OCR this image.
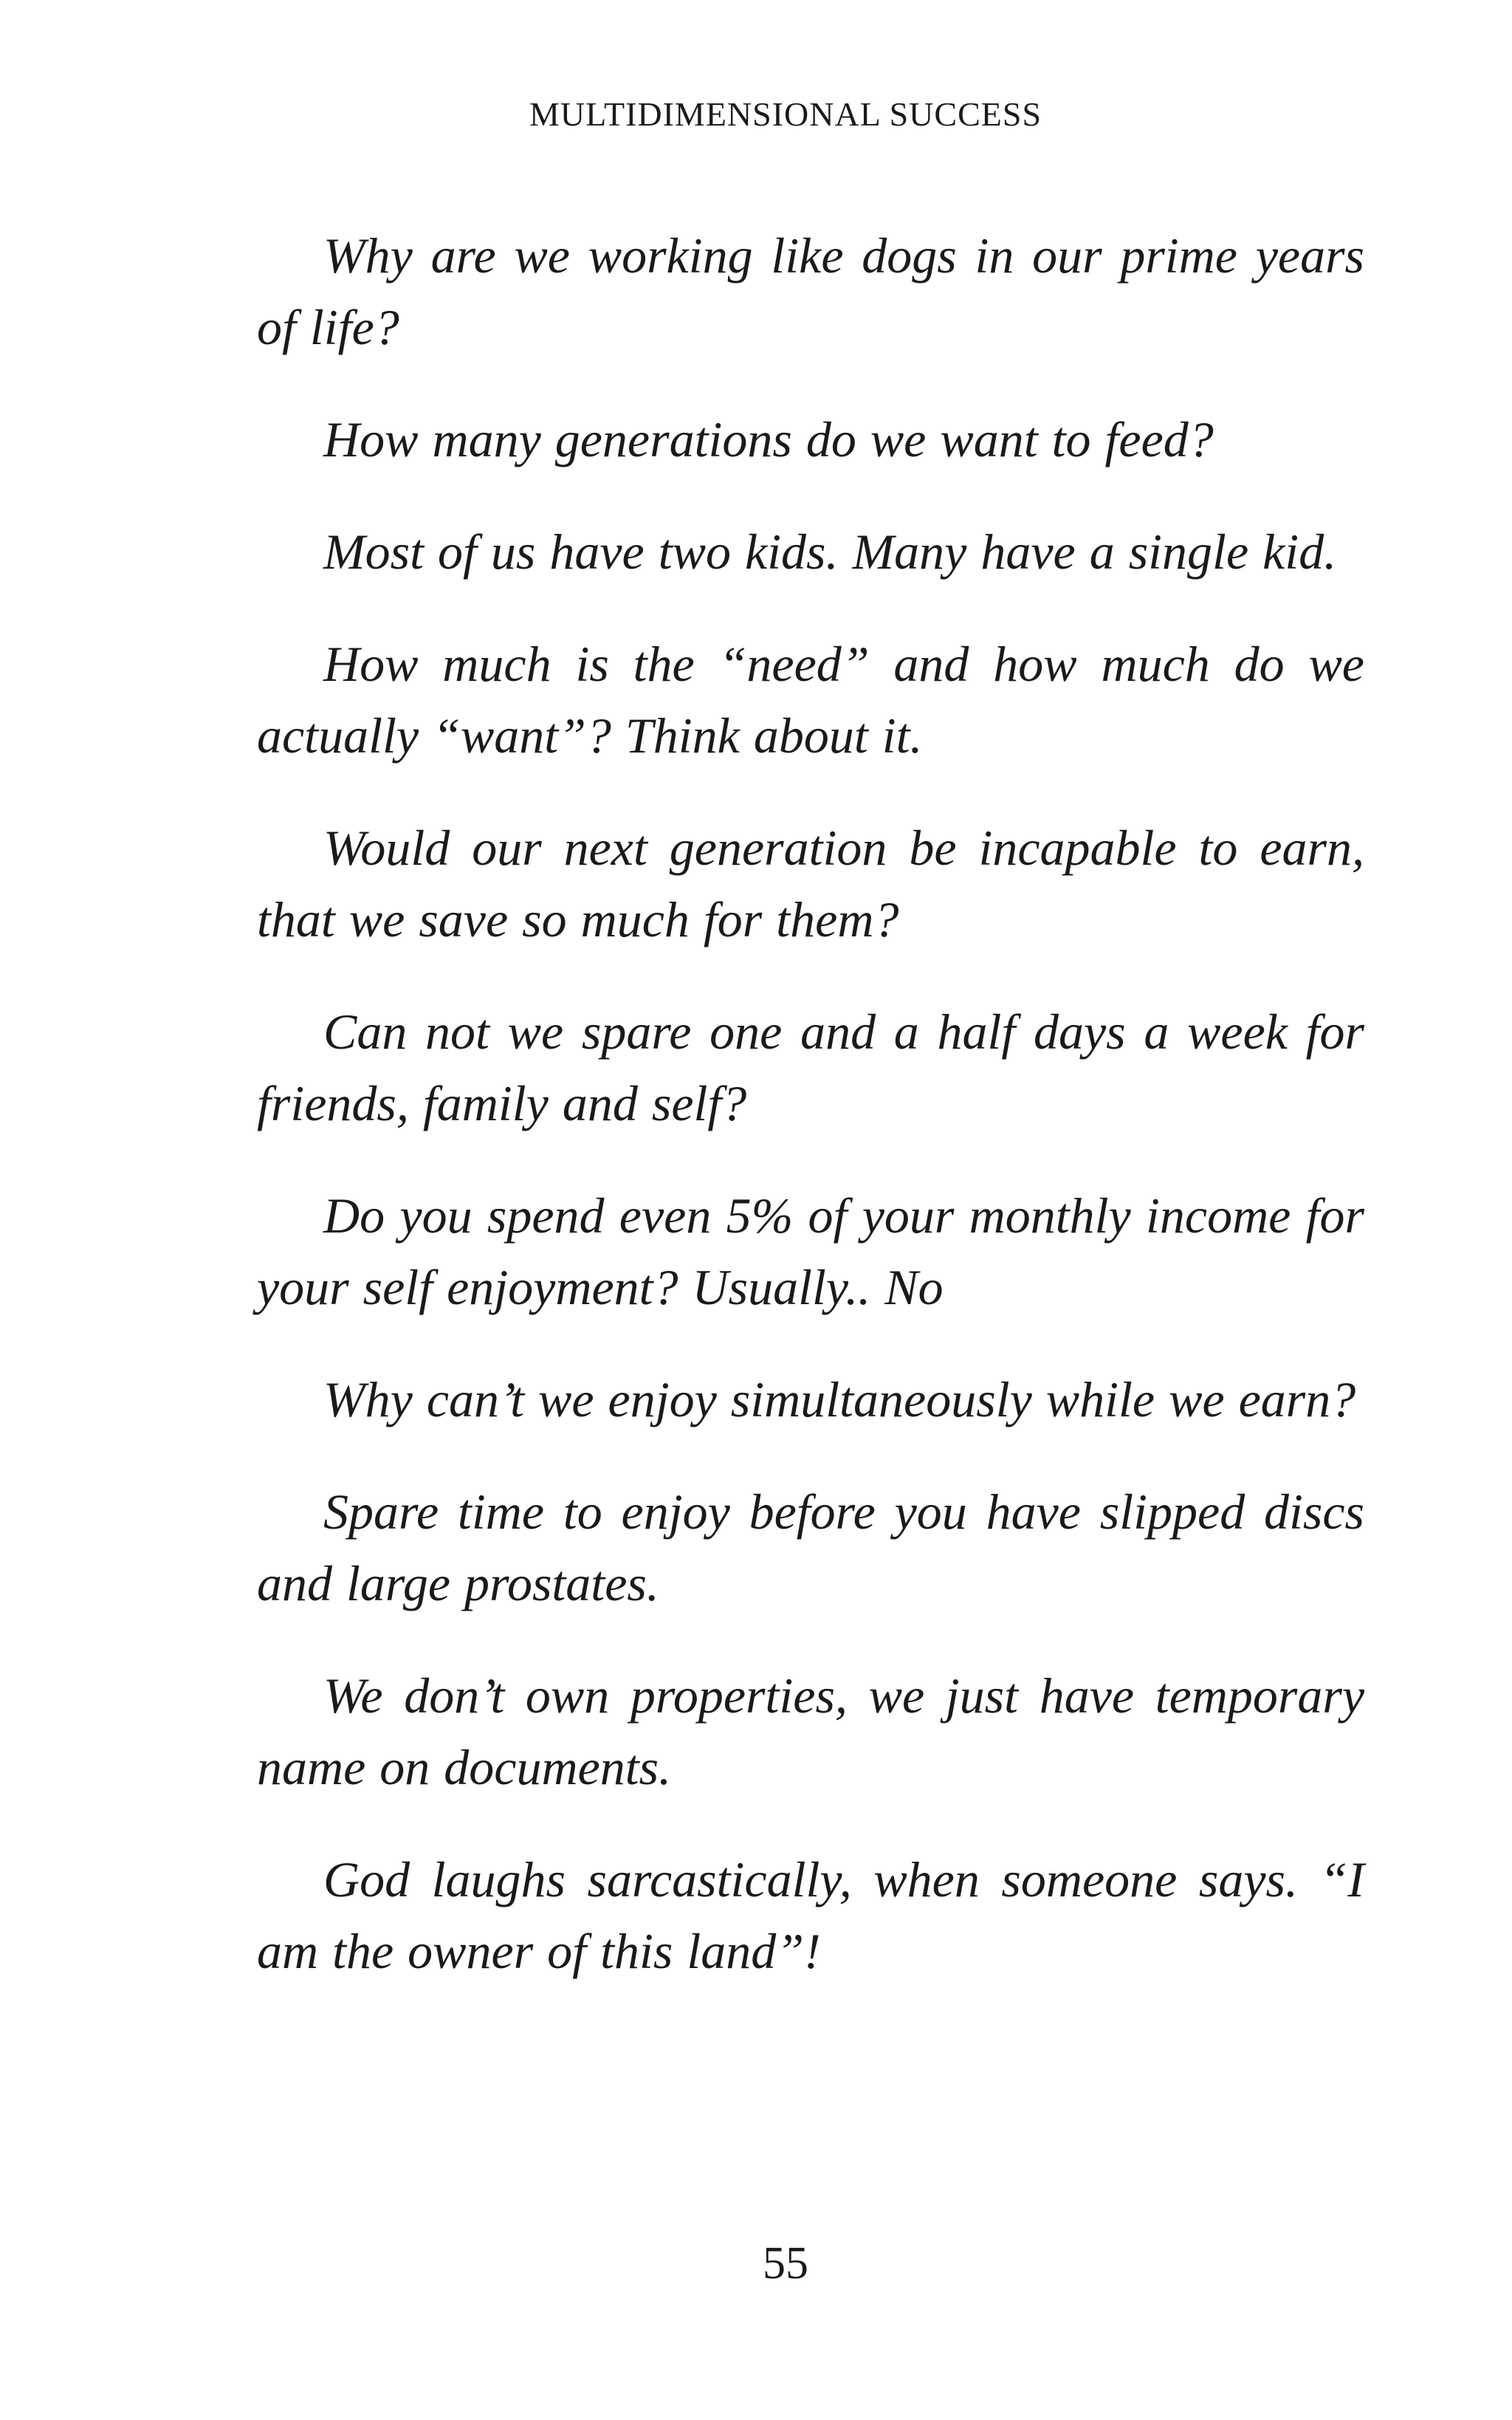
MULTIDIMENSIONAL SUCCESS

Why are we working like dogs in our prime years of life?

How many generations do we want to feed?

Most of us have two kids. Many have a single kid.

How much is the “need” and how much do we actually “want”? Think about it.

Would our next generation be incapable to earn, that we save so much for them?

Can not we spare one and a half days a week for friends, family and self?

Do you spend even 5% of your monthly income for your self enjoyment? Usually.. No

Why can’t we enjoy simultaneously while we earn?

Spare time to enjoy before you have slipped discs and large prostates.

We don’t own properties, we just have temporary name on documents.

God laughs sarcastically, when someone says. “I am the owner of this land”!

55
